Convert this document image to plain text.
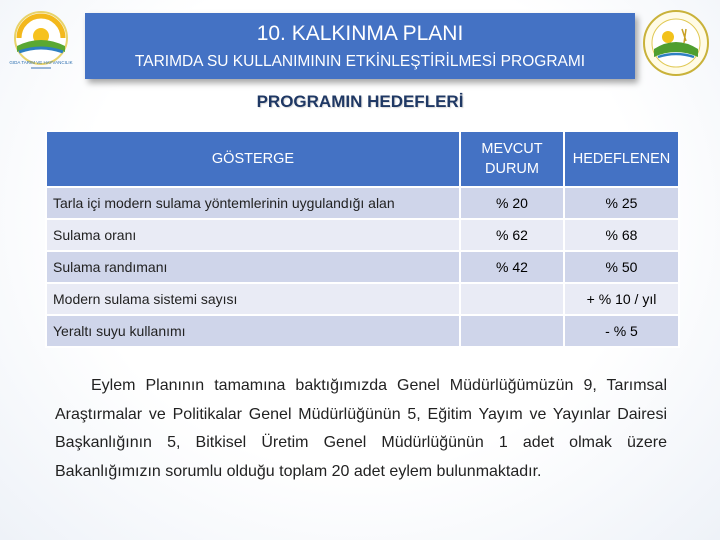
GIDA TARIM VE HAYVANCILIK
10. KALKINMA PLANI
TARIMDA SU KULLANIMININ ETKİNLEŞTİRİLMESİ PROGRAMI
PROGRAMIN HEDEFLERİ
GÖSTERGE	MEVCUT DURUM	HEDEFLENEN
Tarla içi modern sulama yöntemlerinin uygulandığı alan	% 20	% 25
Sulama oranı	% 62	% 68
Sulama randımanı	% 42	% 50
Modern sulama sistemi sayısı		+ % 10 / yıl
Yeraltı suyu kullanımı		- % 5
Eylem Planının tamamına baktığımızda Genel Müdürlüğümüzün 9, Tarımsal Araştırmalar ve Politikalar Genel Müdürlüğünün 5, Eğitim Yayım ve Yayınlar Dairesi Başkanlığının 5, Bitkisel Üretim Genel Müdürlüğünün 1 adet olmak üzere Bakanlığımızın sorumlu olduğu toplam 20 adet eylem bulunmaktadır.
